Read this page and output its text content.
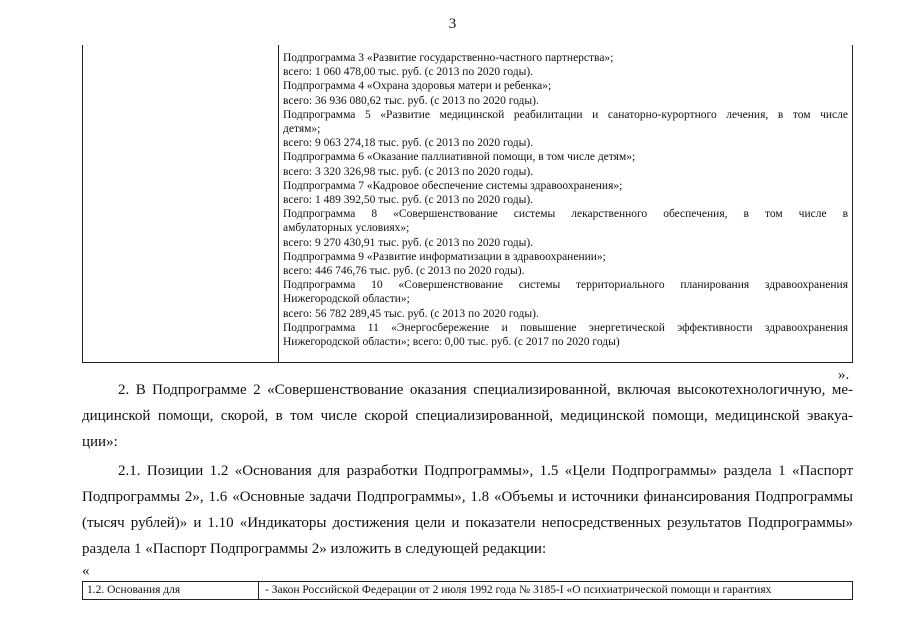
3
Подпрограмма 3 «Развитие государственно-частного партнерства»;
всего: 1 060 478,00 тыс. руб. (с 2013 по 2020 годы).
Подпрограмма 4 «Охрана здоровья матери и ребенка»;
всего: 36 936 080,62 тыс. руб. (с 2013 по 2020 годы).
Подпрограмма 5 «Развитие медицинской реабилитации и санаторно-курортного лечения, в том числе
детям»;
всего: 9 063 274,18 тыс. руб. (с 2013 по 2020 годы).
Подпрограмма 6 «Оказание паллиативной помощи, в том числе детям»;
всего: 3 320 326,98 тыс. руб. (с 2013 по 2020 годы).
Подпрограмма 7 «Кадровое обеспечение системы здравоохранения»;
всего: 1 489 392,50 тыс. руб. (с 2013 по 2020 годы).
Подпрограмма 8 «Совершенствование системы лекарственного обеспечения, в том числе в
амбулаторных условиях»;
всего: 9 270 430,91 тыс. руб. (с 2013 по 2020 годы).
Подпрограмма 9 «Развитие информатизации в здравоохранении»;
всего: 446 746,76 тыс. руб. (с 2013 по 2020 годы).
Подпрограмма 10 «Совершенствование системы территориального планирования здравоохранения
Нижегородской области»;
всего: 56 782 289,45 тыс. руб. (с 2013 по 2020 годы).
Подпрограмма 11 «Энергосбережение и повышение энергетической эффективности здравоохранения
Нижегородской области»; всего: 0,00 тыс. руб. (с 2017 по 2020 годы)
».
2. В Подпрограмме 2 «Совершенствование оказания специализированной, включая высокотехнологичную, ме-
дицинской помощи, скорой, в том числе скорой специализированной, медицинской помощи, медицинской эвакуа-
ции»:
2.1. Позиции 1.2 «Основания для разработки Подпрограммы», 1.5 «Цели Подпрограммы» раздела 1 «Паспорт
Подпрограммы 2», 1.6 «Основные задачи Подпрограммы», 1.8 «Объемы и источники финансирования Подпрограммы
(тысяч рублей)» и 1.10 «Индикаторы достижения цели и показатели непосредственных результатов Подпрограммы»
раздела 1 «Паспорт Подпрограммы 2» изложить в следующей редакции:
«
1.2. Основания для	- Закон Российской Федерации от 2 июля 1992 года № 3185-I «О психиатрической помощи и гарантиях
